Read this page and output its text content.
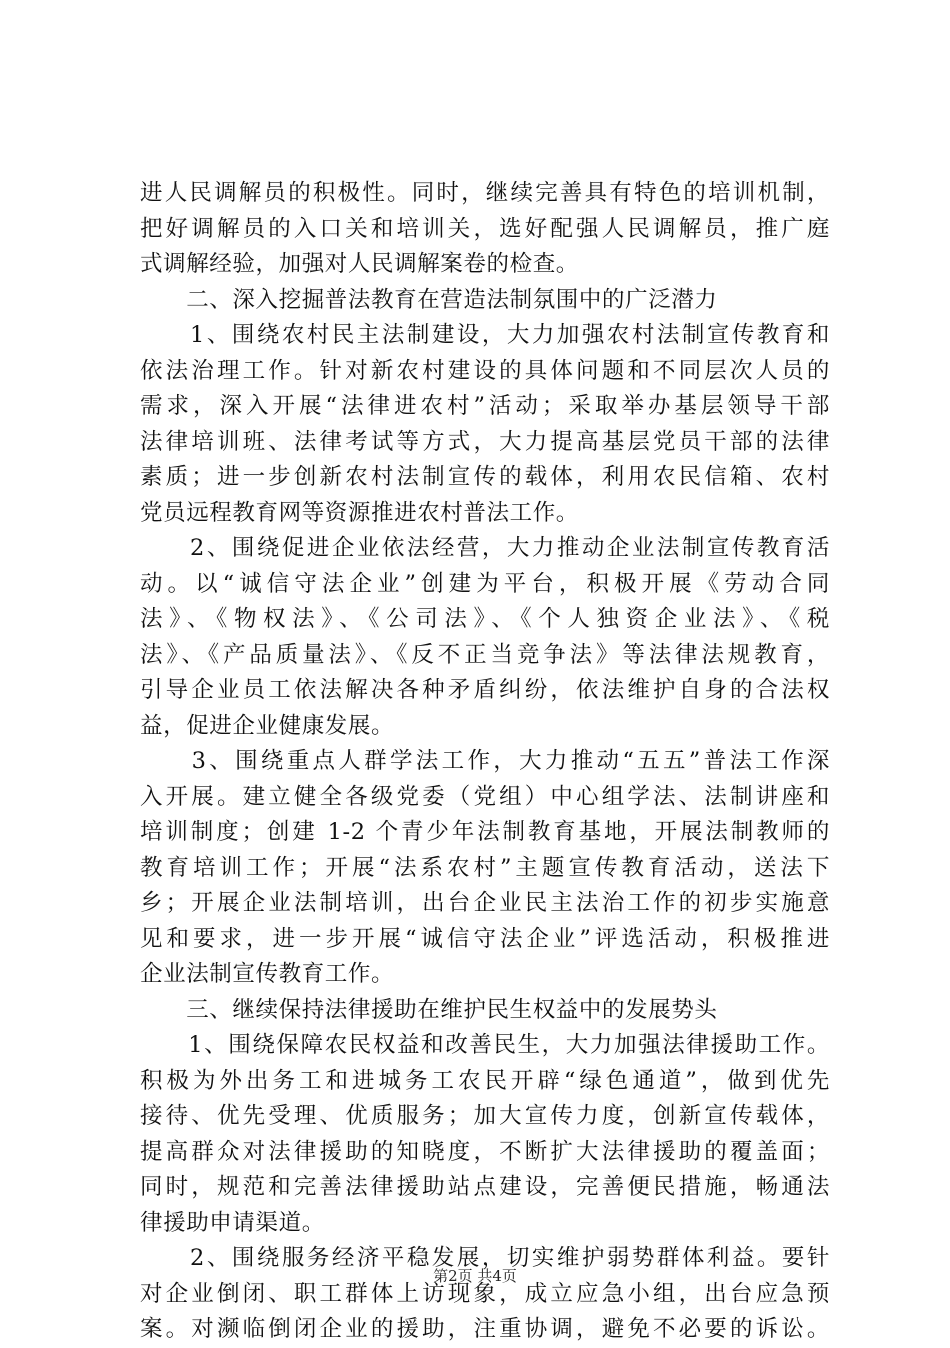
进人民调解员的积极性。同时，继续完善具有特色的培训机制，
把好调解员的入口关和培训关，选好配强人民调解员，推广庭
式调解经验，加强对人民调解案卷的检查。
　　二、深入挖掘普法教育在营造法制氛围中的广泛潜力
　　1、围绕农村民主法制建设，大力加强农村法制宣传教育和
依法治理工作。针对新农村建设的具体问题和不同层次人员的
需求，深入开展“法律进农村”活动；采取举办基层领导干部
法律培训班、法律考试等方式，大力提高基层党员干部的法律
素质；进一步创新农村法制宣传的载体，利用农民信箱、农村
党员远程教育网等资源推进农村普法工作。
　　2、围绕促进企业依法经营，大力推动企业法制宣传教育活
动。以“诚信守法企业”创建为平台，积极开展《劳动合同
法》、《物权法》、《公司法》、《个人独资企业法》、《税
法》、《产品质量法》、《反不正当竞争法》等法律法规教育，
引导企业员工依法解决各种矛盾纠纷，依法维护自身的合法权
益，促进企业健康发展。
　　3、围绕重点人群学法工作，大力推动“五五”普法工作深
入开展。建立健全各级党委（党组）中心组学法、法制讲座和
培训制度；创建 1-2 个青少年法制教育基地，开展法制教师的
教育培训工作；开展“法系农村”主题宣传教育活动，送法下
乡；开展企业法制培训，出台企业民主法治工作的初步实施意
见和要求，进一步开展“诚信守法企业”评选活动，积极推进
企业法制宣传教育工作。
　　三、继续保持法律援助在维护民生权益中的发展势头
　　1、围绕保障农民权益和改善民生，大力加强法律援助工作。
积极为外出务工和进城务工农民开辟“绿色通道”，做到优先
接待、优先受理、优质服务；加大宣传力度，创新宣传载体，
提高群众对法律援助的知晓度，不断扩大法律援助的覆盖面；
同时，规范和完善法律援助站点建设，完善便民措施，畅通法
律援助申请渠道。
　　2、围绕服务经济平稳发展，切实维护弱势群体利益。要针
对企业倒闭、职工群体上访现象，成立应急小组，出台应急预
案。对濒临倒闭企业的援助，注重协调，避免不必要的诉讼。
第2页 共4页
